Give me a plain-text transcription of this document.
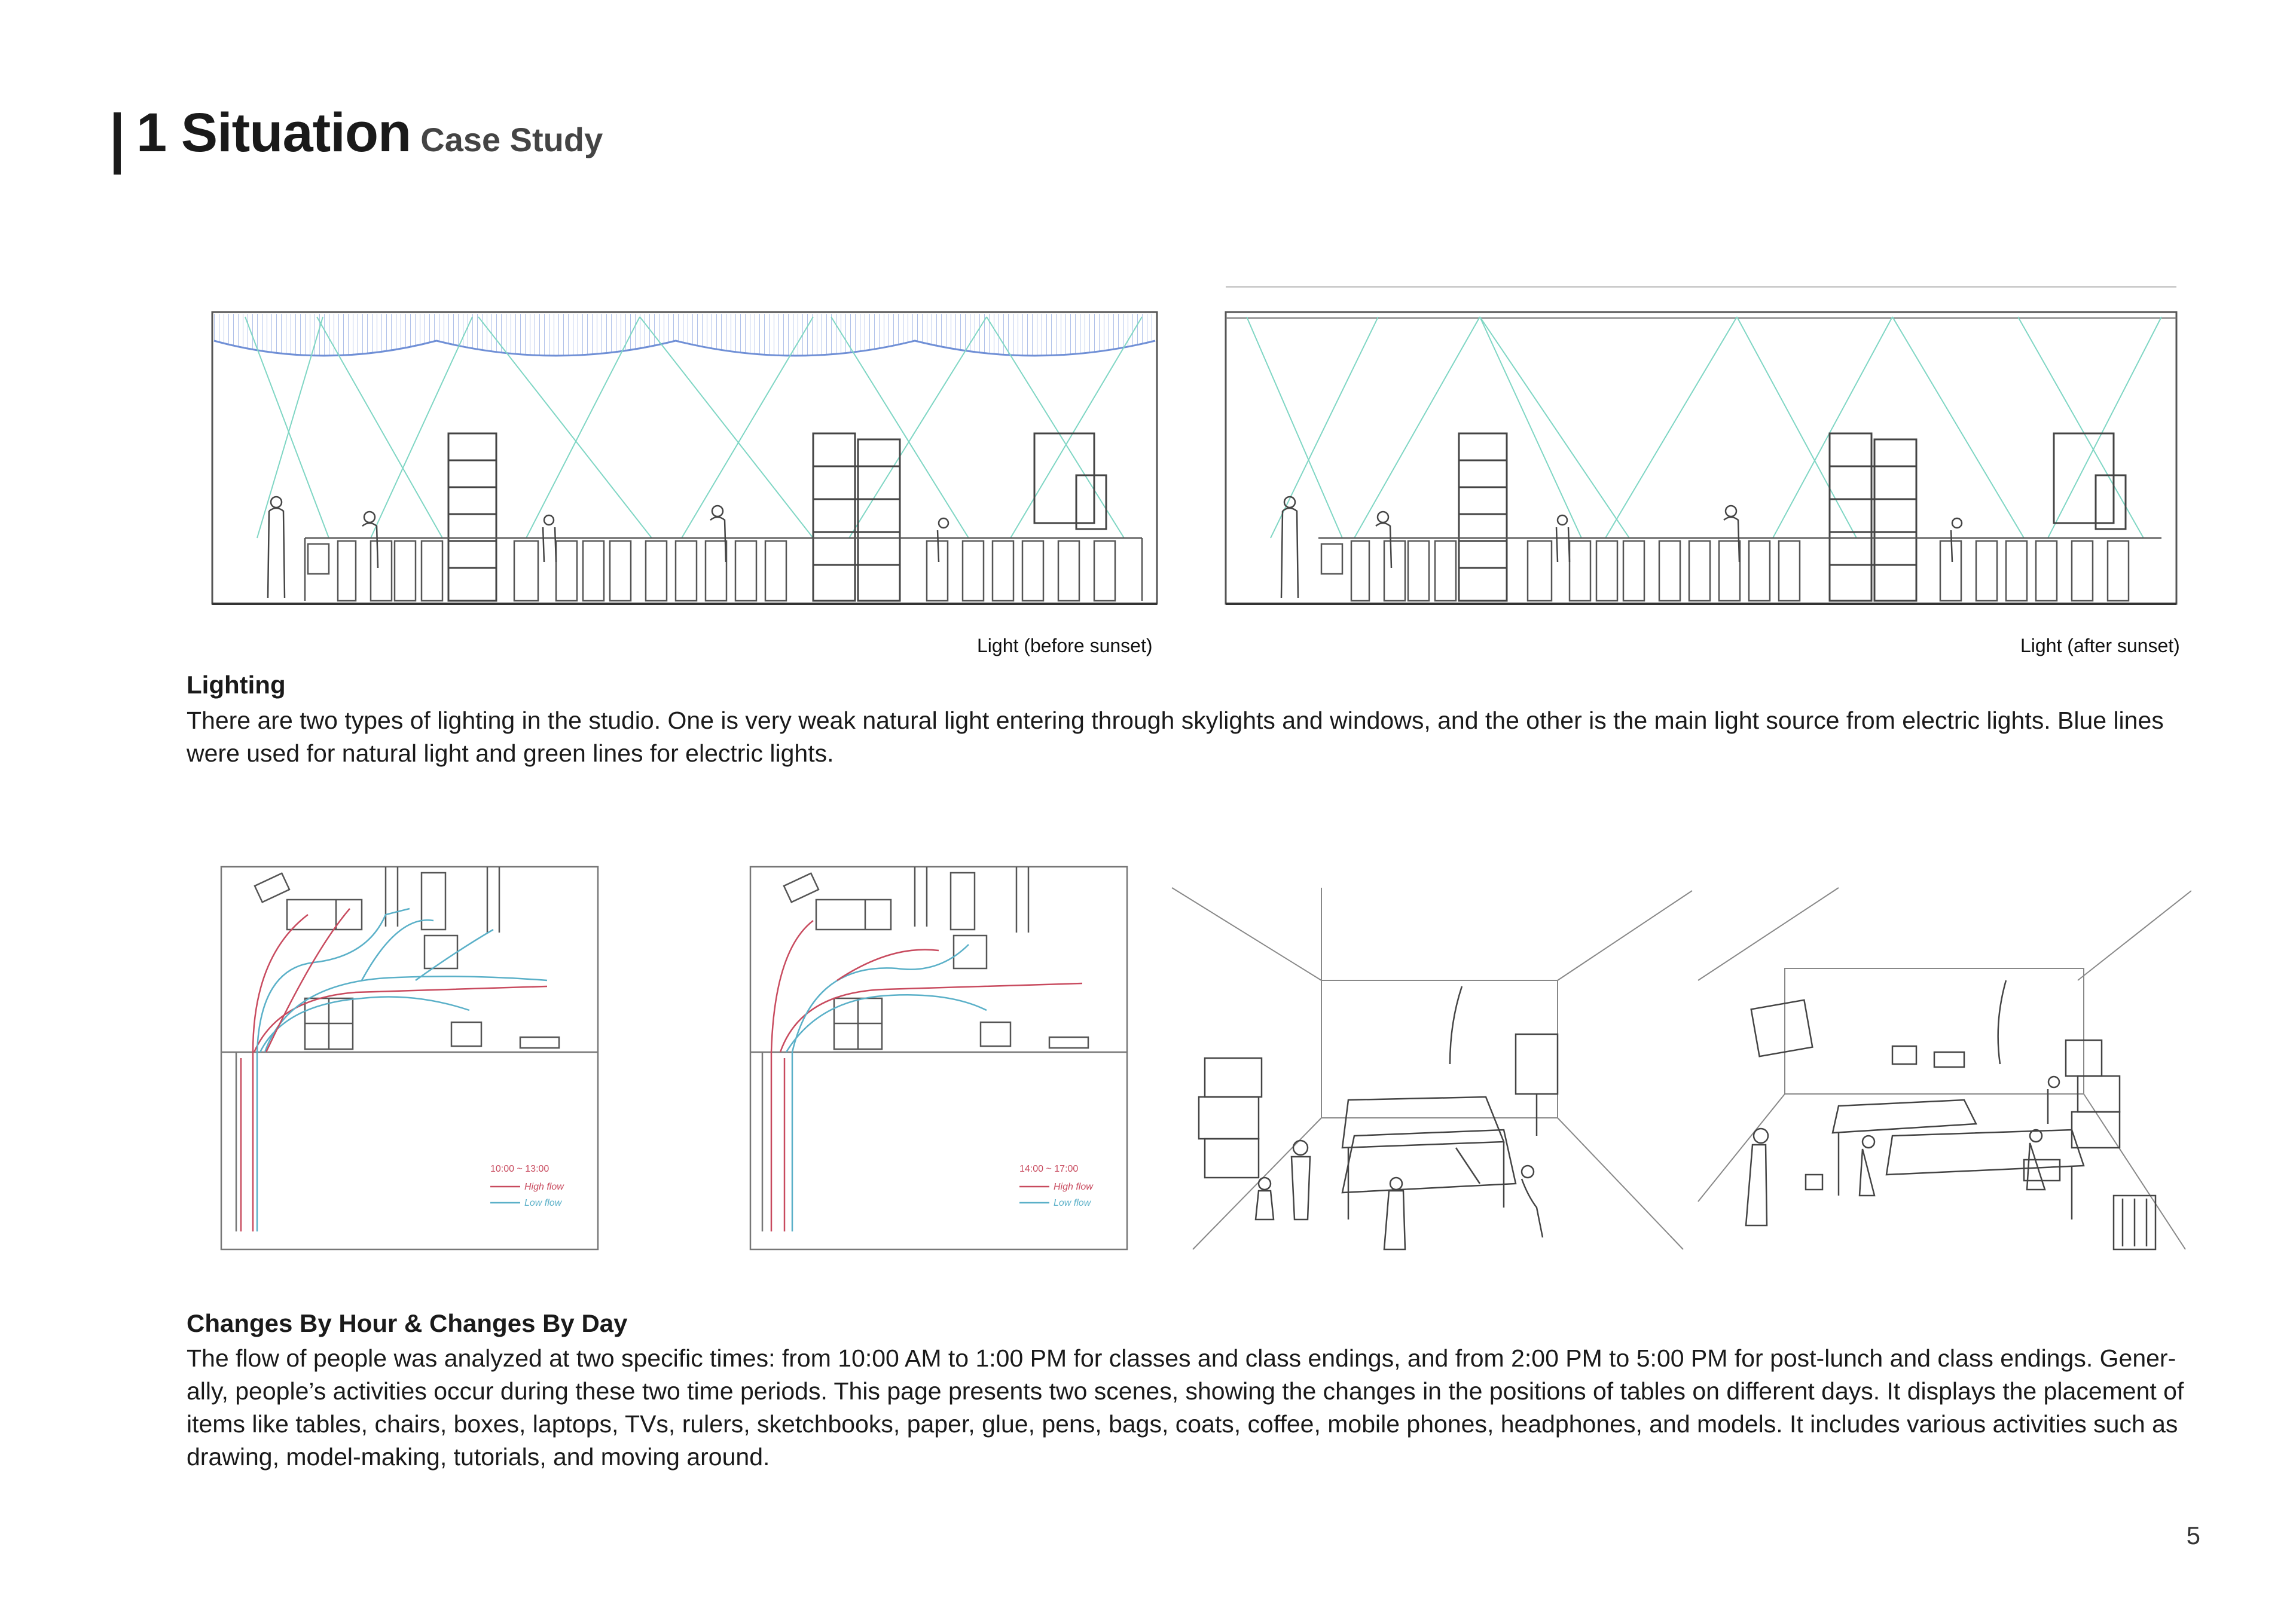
1 Situation Case Study
Light (before sunset)	Light (after sunset)
Lighting
There are two types of lighting in the studio. One is very weak natural light entering through skylights and windows, and the other is the main light source from electric lights. Blue lines were used for natural light and green lines for electric lights.
10:00 ~ 13:00
High flow
Low flow
14:00 ~ 17:00
High flow
Low flow
Changes By Hour & Changes By Day
The flow of people was analyzed at two specific times: from 10:00 AM to 1:00 PM for classes and class endings, and from 2:00 PM to 5:00 PM for post-lunch and class endings. Gener-ally, people’s activities occur during these two time periods. This page presents two scenes, showing the changes in the positions of tables on different days. It displays the placement of items like tables, chairs, boxes, laptops, TVs, rulers, sketchbooks, paper, glue, pens, bags, coats, coffee, mobile phones, headphones, and models. It includes various activities such as drawing, model-making, tutorials, and moving around.
5
